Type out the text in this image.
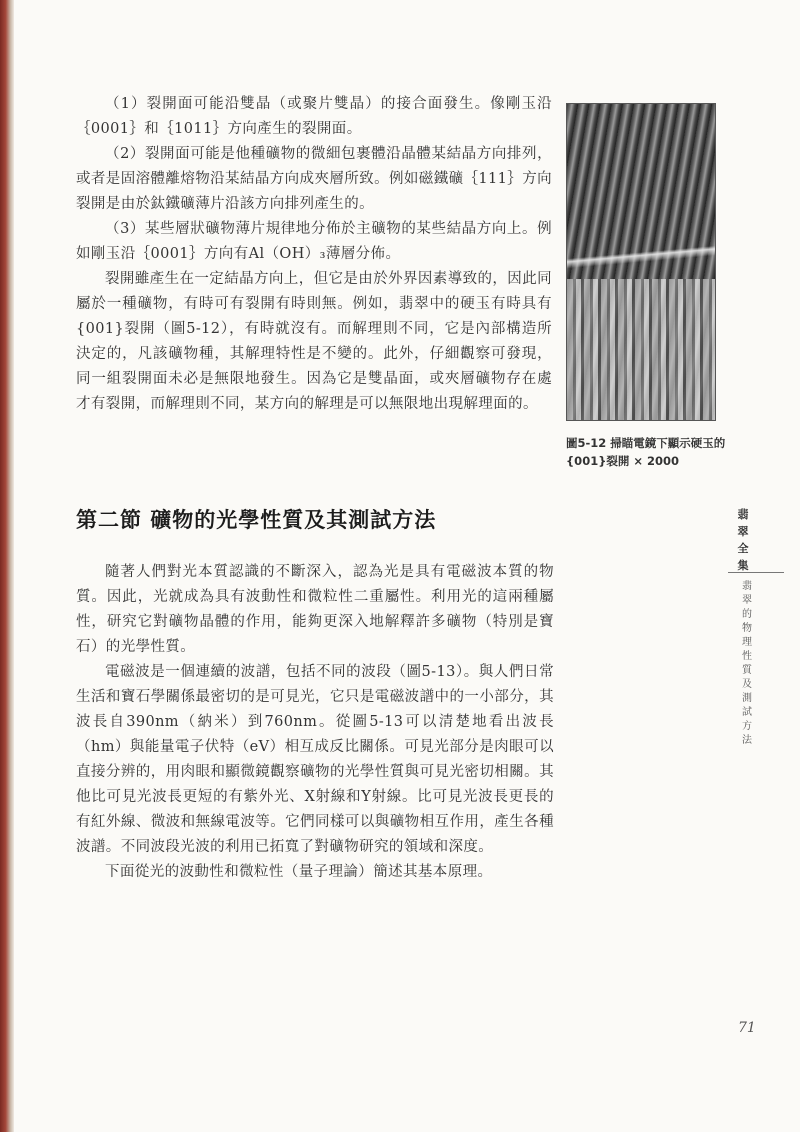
（1）裂開面可能沿雙晶（或聚片雙晶）的接合面發生。像剛玉沿｛0001｝和｛1011｝方向產生的裂開面。

（2）裂開面可能是他種礦物的微細包裹體沿晶體某結晶方向排列，或者是固溶體離熔物沿某結晶方向成夾層所致。例如磁鐵礦｛111｝方向裂開是由於鈦鐵礦薄片沿該方向排列產生的。

（3）某些層狀礦物薄片規律地分佈於主礦物的某些結晶方向上。例如剛玉沿｛0001｝方向有Al（OH）₃薄層分佈。

裂開雖產生在一定結晶方向上，但它是由於外界因素導致的，因此同屬於一種礦物，有時可有裂開有時則無。例如，翡翠中的硬玉有時具有{001}裂開（圖5-12），有時就沒有。而解理則不同，它是內部構造所決定的，凡該礦物種，其解理特性是不變的。此外，仔細觀察可發現，同一組裂開面未必是無限地發生。因為它是雙晶面，或夾層礦物存在處才有裂開，而解理則不同，某方向的解理是可以無限地出現解理面的。

圖5-12 掃瞄電鏡下顯示硬玉的{001}裂開 × 2000
第二節 礦物的光學性質及其測試方法

隨著人們對光本質認識的不斷深入，認為光是具有電磁波本質的物質。因此，光就成為具有波動性和微粒性二重屬性。利用光的這兩種屬性，研究它對礦物晶體的作用，能夠更深入地解釋許多礦物（特別是寶石）的光學性質。

電磁波是一個連續的波譜，包括不同的波段（圖5-13）。與人們日常生活和寶石學關係最密切的是可見光，它只是電磁波譜中的一小部分，其波長自390nm（納米）到760nm。從圖5-13可以清楚地看出波長（hm）與能量電子伏特（eV）相互成反比關係。可見光部分是肉眼可以直接分辨的，用肉眼和顯微鏡觀察礦物的光學性質與可見光密切相關。其他比可見光波長更短的有紫外光、X射線和Y射線。比可見光波長更長的有紅外線、微波和無線電波等。它們同樣可以與礦物相互作用，產生各種波譜。不同波段光波的利用已拓寬了對礦物研究的領域和深度。

下面從光的波動性和微粒性（量子理論）簡述其基本原理。

翡翠全集
翡翠的物理性質及測試方法
71
